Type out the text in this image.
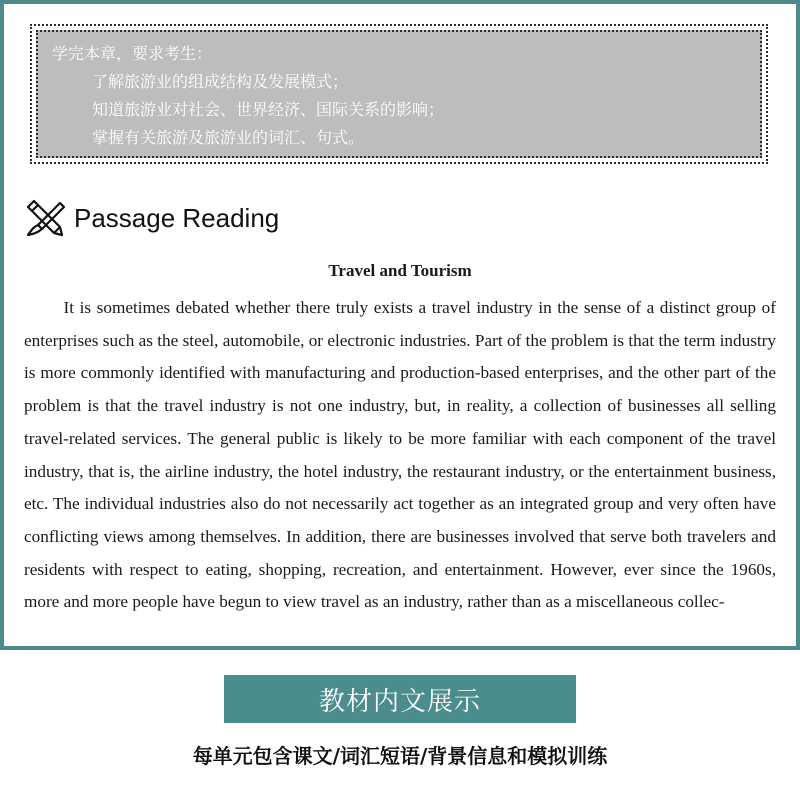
学完本章，要求考生：
了解旅游业的组成结构及发展模式；
知道旅游业对社会、世界经济、国际关系的影响；
掌握有关旅游及旅游业的词汇、句式。
Passage Reading
Travel and Tourism
It is sometimes debated whether there truly exists a travel industry in the sense of a distinct group of enterprises such as the steel, automobile, or electronic industries. Part of the problem is that the term industry is more commonly identified with manufacturing and production-based enterprises, and the other part of the problem is that the travel industry is not one industry, but, in reality, a collection of businesses all selling travel-related services. The general public is likely to be more familiar with each component of the travel industry, that is, the airline industry, the hotel industry, the restaurant industry, or the entertainment business, etc. The individual industries also do not necessarily act together as an integrated group and very often have conflicting views among themselves. In addition, there are businesses involved that serve both travelers and residents with respect to eating, shopping, recreation, and entertainment. However, ever since the 1960s, more and more people have begun to view travel as an industry, rather than as a miscellaneous collec-
教材内文展示
每单元包含课文/词汇短语/背景信息和模拟训练
